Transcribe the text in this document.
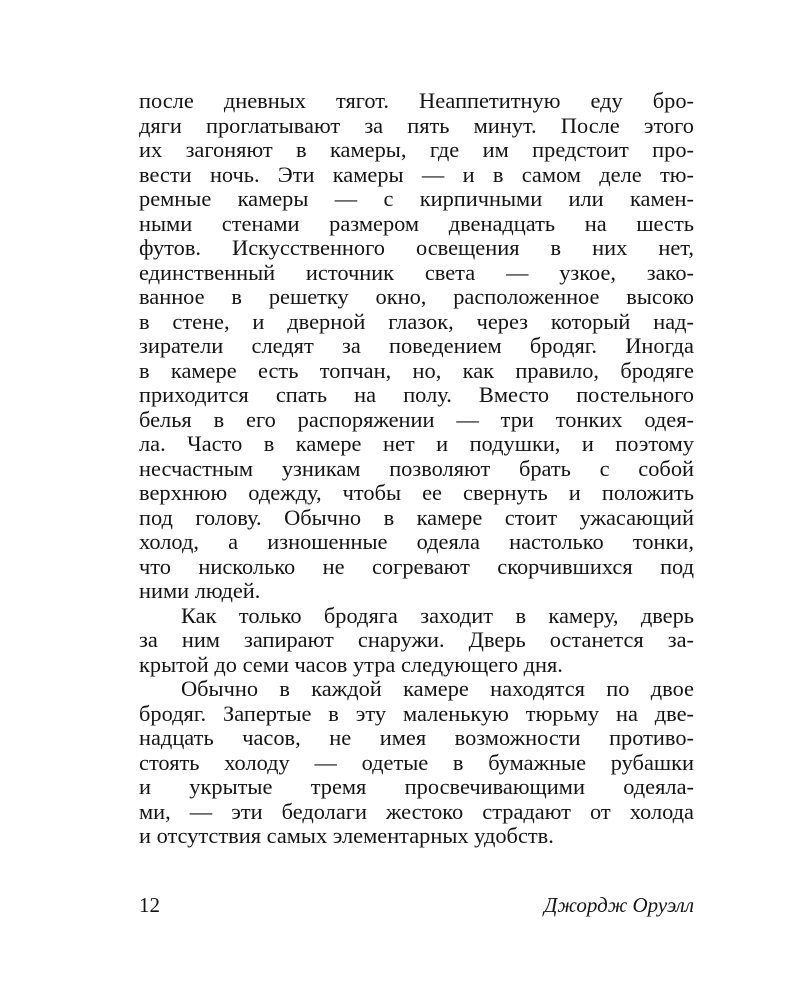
после дневных тягот. Неаппетитную еду бро-
дяги проглатывают за пять минут. После этого
их загоняют в камеры, где им предстоит про-
вести ночь. Эти камеры — и в самом деле тю-
ремные камеры — с кирпичными или камен-
ными стенами размером двенадцать на шесть
футов. Искусственного освещения в них нет,
единственный источник света — узкое, зако-
ванное в решетку окно, расположенное высоко
в стене, и дверной глазок, через который над-
зиратели следят за поведением бродяг. Иногда
в камере есть топчан, но, как правило, бродяге
приходится спать на полу. Вместо постельного
белья в его распоряжении — три тонких одея-
ла. Часто в камере нет и подушки, и поэтому
несчастным узникам позволяют брать с собой
верхнюю одежду, чтобы ее свернуть и положить
под голову. Обычно в камере стоит ужасающий
холод, а изношенные одеяла настолько тонки,
что нисколько не согревают скорчившихся под
ними людей.
Как только бродяга заходит в камеру, дверь
за ним запирают снаружи. Дверь останется за-
крытой до семи часов утра следующего дня.
Обычно в каждой камере находятся по двое
бродяг. Запертые в эту маленькую тюрьму на две-
надцать часов, не имея возможности противо-
стоять холоду — одетые в бумажные рубашки
и укрытые тремя просвечивающими одеяла-
ми, — эти бедолаги жестоко страдают от холода
и отсутствия самых элементарных удобств.
12	Джордж Оруэлл
